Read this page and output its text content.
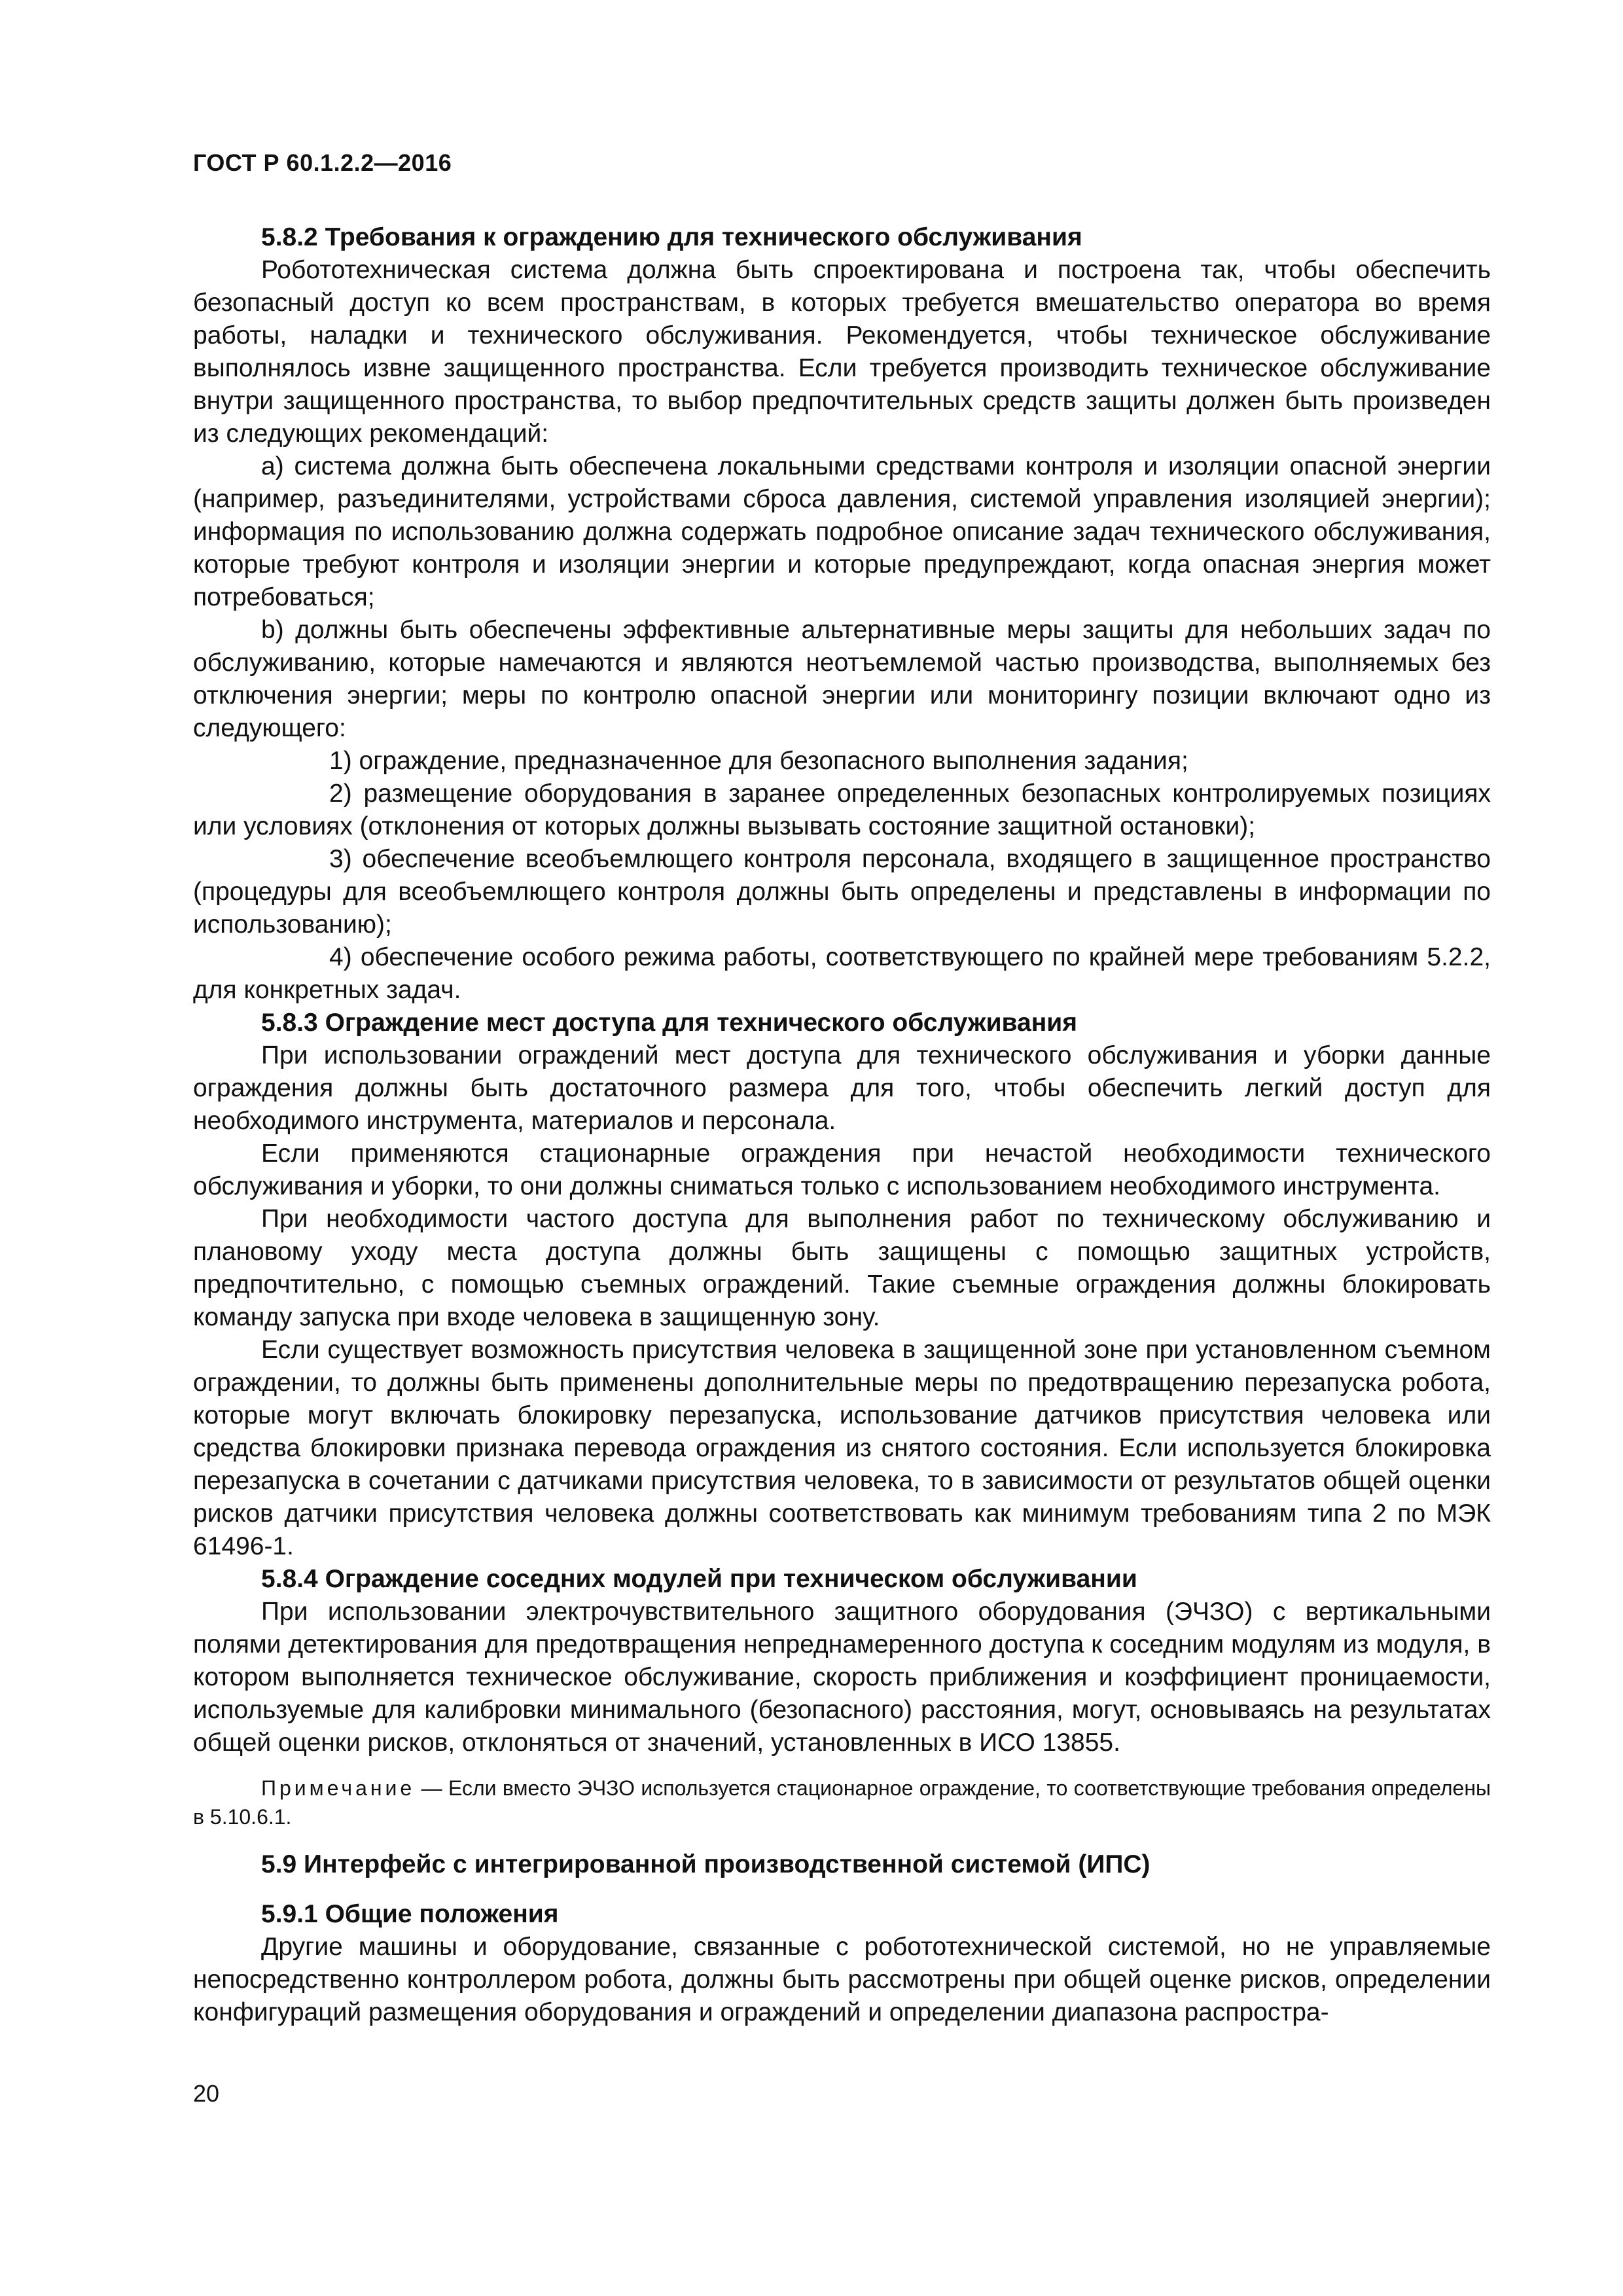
ГОСТ Р 60.1.2.2—2016

5.8.2 Требования к ограждению для технического обслуживания

Робототехническая система должна быть спроектирована и построена так, чтобы обеспечить безопасный доступ ко всем пространствам, в которых требуется вмешательство оператора во время работы, наладки и технического обслуживания. Рекомендуется, чтобы техническое обслуживание выполнялось извне защищенного пространства. Если требуется производить техническое обслуживание внутри защищенного пространства, то выбор предпочтительных средств защиты должен быть произведен из следующих рекомендаций:

а) система должна быть обеспечена локальными средствами контроля и изоляции опасной энергии (например, разъединителями, устройствами сброса давления, системой управления изоляцией энергии); информация по использованию должна содержать подробное описание задач технического обслуживания, которые требуют контроля и изоляции энергии и которые предупреждают, когда опасная энергия может потребоваться;

b) должны быть обеспечены эффективные альтернативные меры защиты для небольших задач по обслуживанию, которые намечаются и являются неотъемлемой частью производства, выполняемых без отключения энергии; меры по контролю опасной энергии или мониторингу позиции включают одно из следующего:

1) ограждение, предназначенное для безопасного выполнения задания;

2) размещение оборудования в заранее определенных безопасных контролируемых позициях или условиях (отклонения от которых должны вызывать состояние защитной остановки);

3) обеспечение всеобъемлющего контроля персонала, входящего в защищенное пространство (процедуры для всеобъемлющего контроля должны быть определены и представлены в информации по использованию);

4) обеспечение особого режима работы, соответствующего по крайней мере требованиям 5.2.2, для конкретных задач.

5.8.3 Ограждение мест доступа для технического обслуживания

При использовании ограждений мест доступа для технического обслуживания и уборки данные ограждения должны быть достаточного размера для того, чтобы обеспечить легкий доступ для необходимого инструмента, материалов и персонала.

Если применяются стационарные ограждения при нечастой необходимости технического обслуживания и уборки, то они должны сниматься только с использованием необходимого инструмента.

При необходимости частого доступа для выполнения работ по техническому обслуживанию и плановому уходу места доступа должны быть защищены с помощью защитных устройств, предпочтительно, с помощью съемных ограждений. Такие съемные ограждения должны блокировать команду запуска при входе человека в защищенную зону.

Если существует возможность присутствия человека в защищенной зоне при установленном съемном ограждении, то должны быть применены дополнительные меры по предотвращению перезапуска робота, которые могут включать блокировку перезапуска, использование датчиков присутствия человека или средства блокировки признака перевода ограждения из снятого состояния. Если используется блокировка перезапуска в сочетании с датчиками присутствия человека, то в зависимости от результатов общей оценки рисков датчики присутствия человека должны соответствовать как минимум требованиям типа 2 по МЭК 61496-1.

5.8.4 Ограждение соседних модулей при техническом обслуживании

При использовании электрочувствительного защитного оборудования (ЭЧЗО) с вертикальными полями детектирования для предотвращения непреднамеренного доступа к соседним модулям из модуля, в котором выполняется техническое обслуживание, скорость приближения и коэффициент проницаемости, используемые для калибровки минимального (безопасного) расстояния, могут, основываясь на результатах общей оценки рисков, отклоняться от значений, установленных в ИСО 13855.

Примечание — Если вместо ЭЧЗО используется стационарное ограждение, то соответствующие требования определены в 5.10.6.1.

5.9 Интерфейс с интегрированной производственной системой (ИПС)

5.9.1 Общие положения

Другие машины и оборудование, связанные с робототехнической системой, но не управляемые непосредственно контроллером робота, должны быть рассмотрены при общей оценке рисков, определении конфигураций размещения оборудования и ограждений и определении диапазона распростра-

20
